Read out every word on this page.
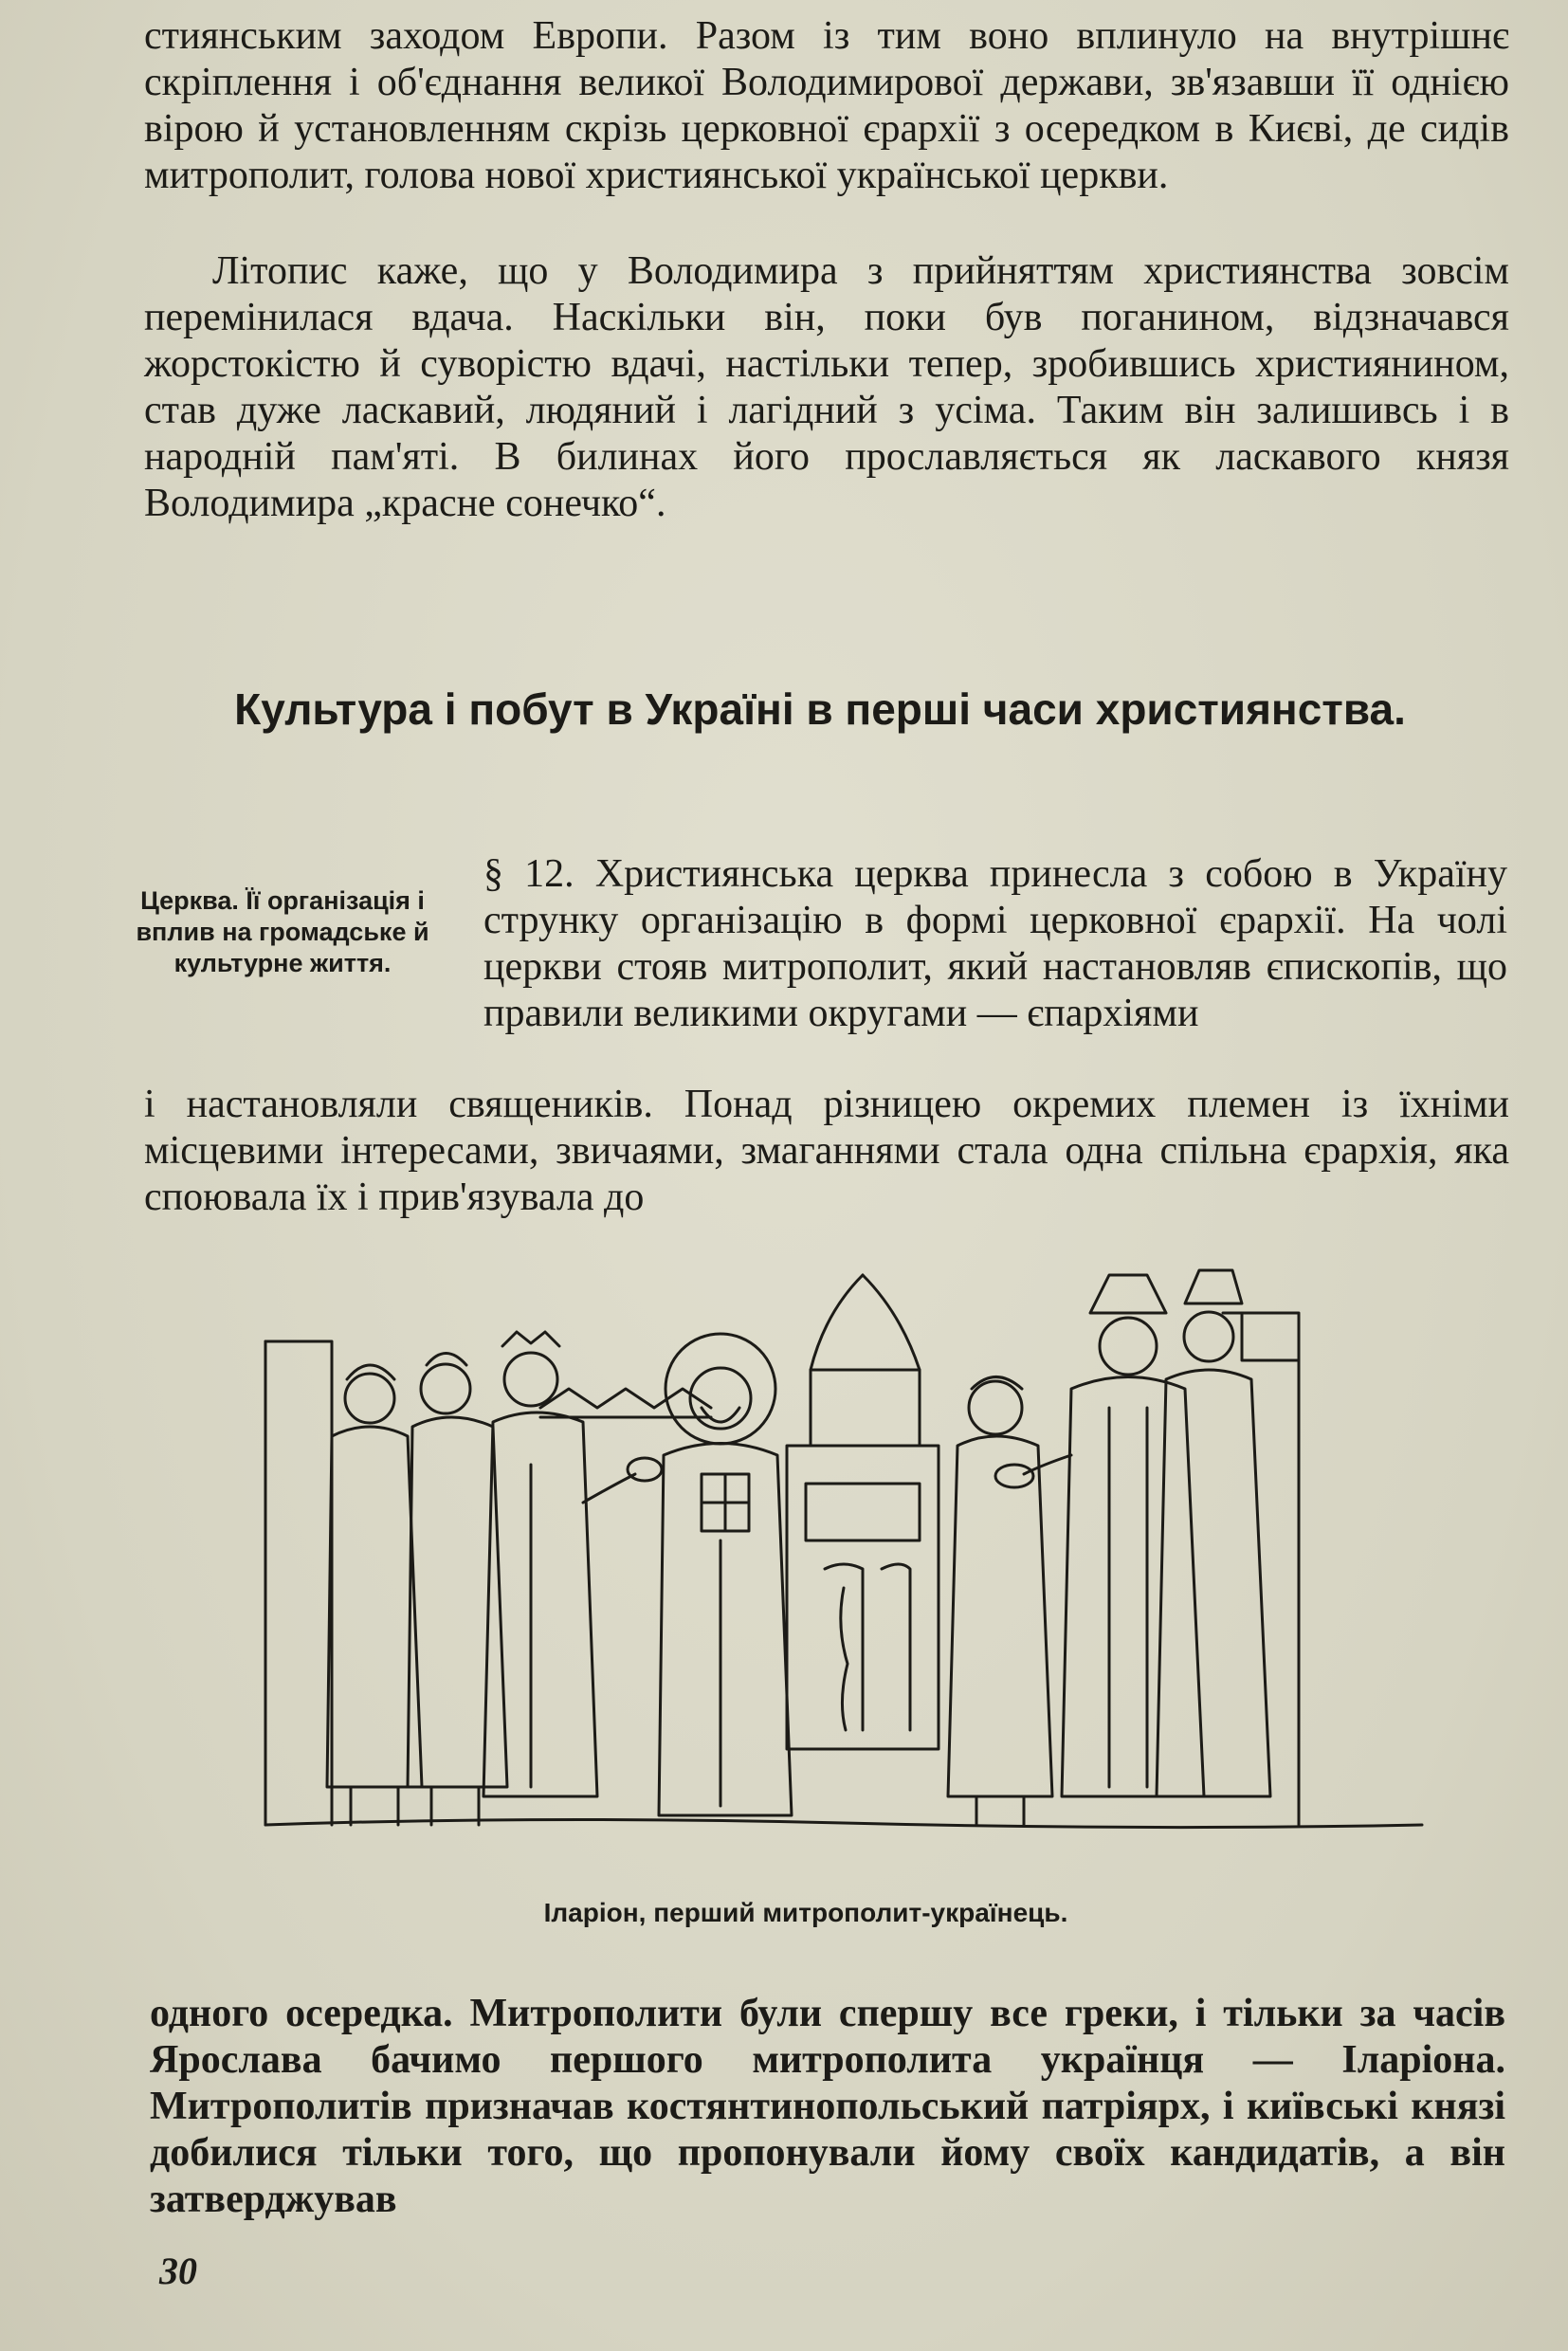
стиянським заходом Европи. Разом із тим воно вплинуло на внутрішнє скріплення і об'єднання великої Володимирової держави, зв'язавши її однією вірою й установленням скрізь церковної єрархії з осередком в Києві, де сидів митрополит, голова нової християнської української церкви.

Літопис каже, що у Володимира з прийняттям християнства зовсім перемінилася вдача. Наскільки він, поки був поганином, відзначався жорстокістю й суворістю вдачі, настільки тепер, зробившись християнином, став дуже ласкавий, людяний і лагідний з усіма. Таким він залишивсь і в народній пам'яті. В билинах його прославляється як ласкавого князя Володимира „красне сонечко“.

Культура і побут в Україні в перші часи християнства.

Церква. Її організація і вплив на громадське й культурне життя.

§ 12. Християнська церква принесла з собою в Україну струнку організацію в формі церковної єрархії. На чолі церкви стояв митрополит, який настановляв єпископів, що правили великими округами — єпархіями

і настановляли священиків. Понад різницею окремих племен із їхніми місцевими інтересами, звичаями, змаганнями стала одна спільна єрархія, яка споювала їх і прив'язувала до

Іларіон, перший митрополит-українець.

одного осередка. Митрополити були спершу все греки, і тільки за часів Ярослава бачимо першого митрополита українця — Іларіона. Митрополитів призначав костянтинопольський патріярх, і київські князі добилися тільки того, що пропонували йому своїх кандидатів, а він затверджував

30
